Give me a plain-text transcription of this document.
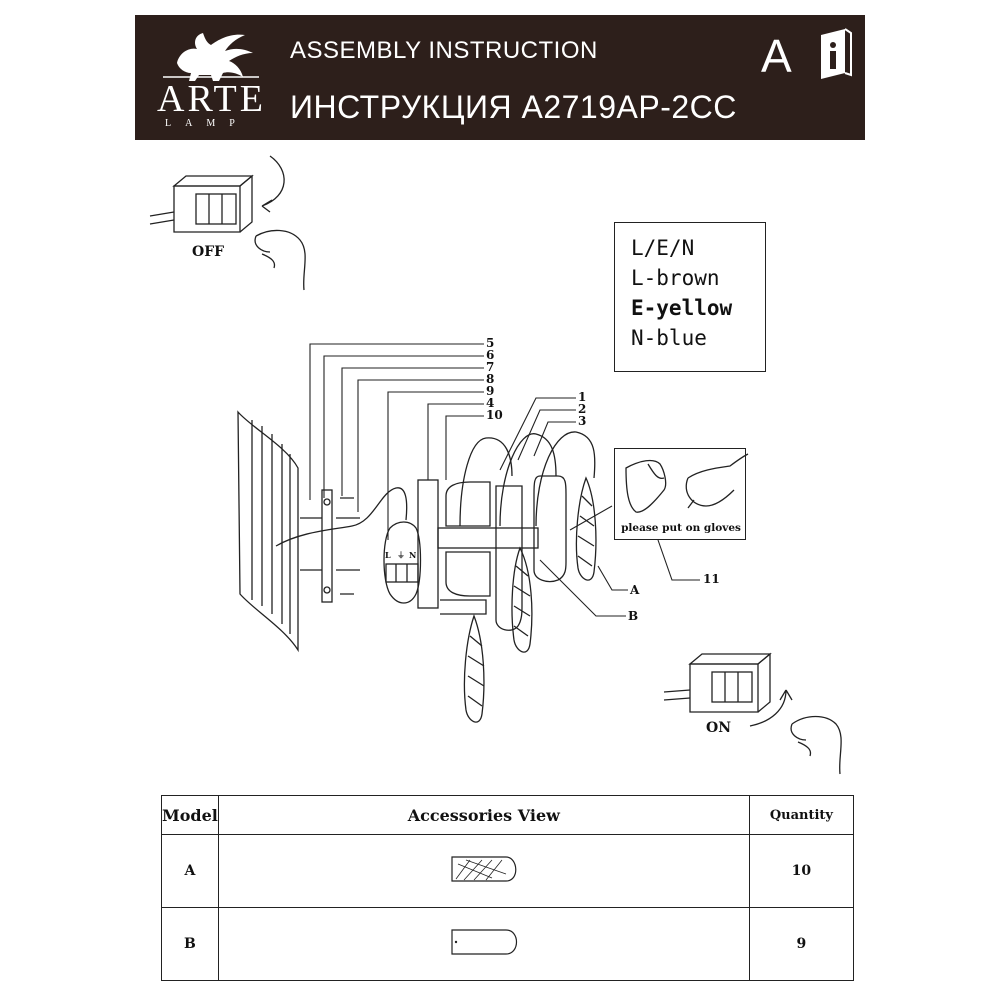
ARTE
LAMP
ASSEMBLY INSTRUCTION
ИНСТРУКЦИЯ A2719AP-2CC
A
5
6
7
8
9
4
10
1
2
3
A
B
11
L ⏚ N
OFF
ON
L/E/N
L-brown
E-yellow
N-blue
please put on gloves
Model	Accessories View	Quantity
A		10
B		9
